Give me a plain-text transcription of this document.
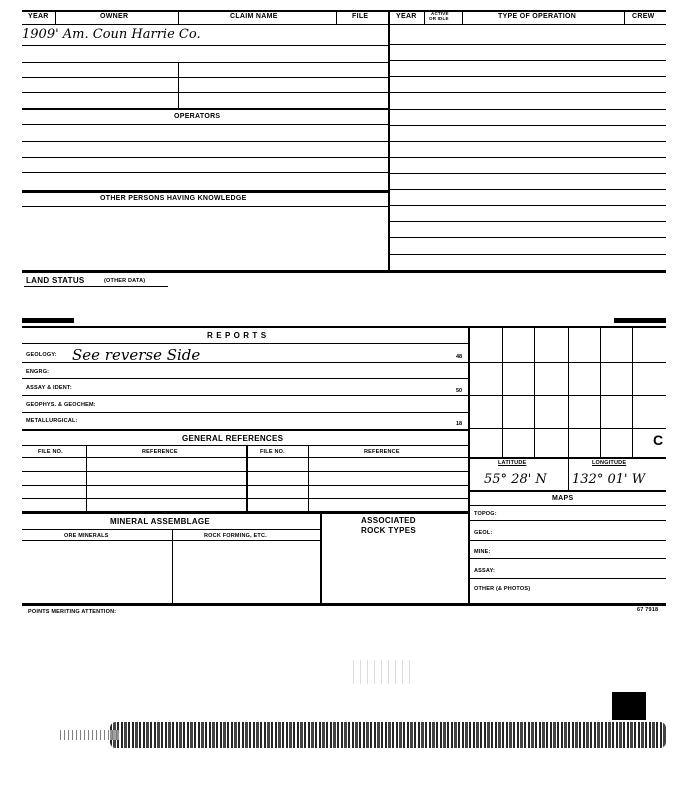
YEAR	OWNER	CLAIM NAME	FILE	YEAR	ACTIVE
OR IDLE	TYPE OF OPERATION	CREW
1909' Am. Coun Harrie Co.
OPERATORS
OTHER PERSONS HAVING KNOWLEDGE
LAND STATUS	(OTHER DATA)
R E P O R T S
GEOLOGY: See reverse Side	48
ENGRG:
ASSAY & IDENT:	50
GEOPHYS. & GEOCHEM:
METALLURGICAL:	18
GENERAL REFERENCES
FILE NO.	REFERENCE	FILE NO.	REFERENCE
MINERAL ASSEMBLAGE	ASSOCIATED
ROCK TYPES
ORE MINERALS	ROCK FORMING, ETC.
POINTS MERITING ATTENTION:	67 7918
C
LATITUDE	LONGITUDE
55° 28' N 132° 01' W
MAPS
TOPOG:
GEOL:
MINE:
ASSAY:
OTHER (& PHOTOS)
